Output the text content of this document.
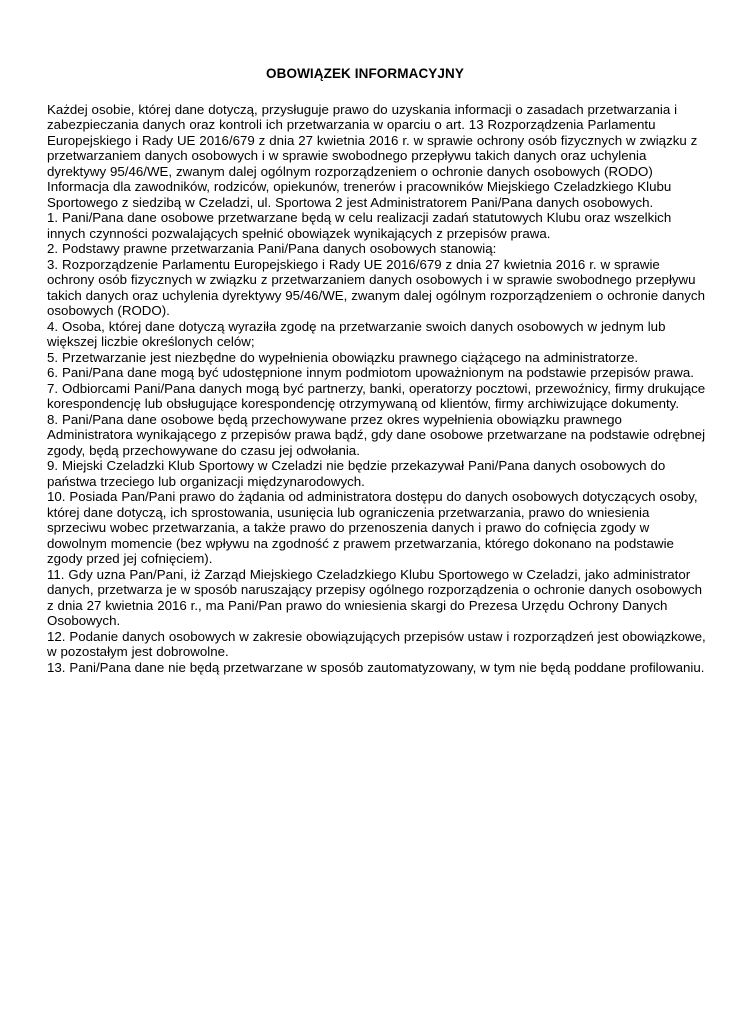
OBOWIĄZEK INFORMACYJNY
Każdej osobie, której dane dotyczą, przysługuje prawo do uzyskania informacji o zasadach przetwarzania i zabezpieczania danych oraz kontroli ich przetwarzania w oparciu o art. 13 Rozporządzenia Parlamentu Europejskiego i Rady UE 2016/679 z dnia 27 kwietnia 2016 r. w sprawie ochrony osób fizycznych w związku z przetwarzaniem danych osobowych i w sprawie swobodnego przepływu takich danych oraz uchylenia dyrektywy 95/46/WE, zwanym dalej ogólnym rozporządzeniem o ochronie danych osobowych (RODO) Informacja dla zawodników, rodziców, opiekunów, trenerów i pracowników Miejskiego Czeladzkiego Klubu Sportowego z siedzibą w Czeladzi, ul. Sportowa 2 jest Administratorem Pani/Pana danych osobowych.
1. Pani/Pana dane osobowe przetwarzane będą w celu realizacji zadań statutowych Klubu oraz wszelkich innych czynności pozwalających spełnić obowiązek wynikających z przepisów prawa.
2. Podstawy prawne przetwarzania Pani/Pana danych osobowych stanowią:
3. Rozporządzenie Parlamentu Europejskiego i Rady UE 2016/679 z dnia 27 kwietnia 2016 r. w sprawie ochrony osób fizycznych w związku z przetwarzaniem danych osobowych i w sprawie swobodnego przepływu takich danych oraz uchylenia dyrektywy 95/46/WE, zwanym dalej ogólnym rozporządzeniem o ochronie danych osobowych (RODO).
4. Osoba, której dane dotyczą wyraziła zgodę na przetwarzanie swoich danych osobowych w jednym lub większej liczbie określonych celów;
5. Przetwarzanie jest niezbędne do wypełnienia obowiązku prawnego ciążącego na administratorze.
6. Pani/Pana dane mogą być udostępnione innym podmiotom upoważnionym na podstawie przepisów prawa.
7. Odbiorcami Pani/Pana danych mogą być partnerzy, banki, operatorzy pocztowi, przewoźnicy, firmy drukujące korespondencję lub obsługujące korespondencję otrzymywaną od klientów, firmy archiwizujące dokumenty.
8. Pani/Pana dane osobowe będą przechowywane przez okres wypełnienia obowiązku prawnego Administratora wynikającego z przepisów prawa bądź, gdy dane osobowe przetwarzane na podstawie odrębnej zgody, będą przechowywane do czasu jej odwołania.
9. Miejski Czeladzki Klub Sportowy w Czeladzi nie będzie przekazywał Pani/Pana danych osobowych do państwa trzeciego lub organizacji międzynarodowych.
10. Posiada Pan/Pani prawo do żądania od administratora dostępu do danych osobowych dotyczących osoby, której dane dotyczą, ich sprostowania, usunięcia lub ograniczenia przetwarzania, prawo do wniesienia sprzeciwu wobec przetwarzania, a także prawo do przenoszenia danych i prawo do cofnięcia zgody w dowolnym momencie (bez wpływu na zgodność z prawem przetwarzania, którego dokonano na podstawie zgody przed jej cofnięciem).
11. Gdy uzna Pan/Pani, iż Zarząd Miejskiego Czeladzkiego Klubu Sportowego w Czeladzi, jako administrator danych, przetwarza je w sposób naruszający przepisy ogólnego rozporządzenia o ochronie danych osobowych z dnia 27 kwietnia 2016 r., ma Pani/Pan prawo do wniesienia skargi do Prezesa Urzędu Ochrony Danych Osobowych.
12. Podanie danych osobowych w zakresie obowiązujących przepisów ustaw i rozporządzeń jest obowiązkowe, w pozostałym jest dobrowolne.
13. Pani/Pana dane nie będą przetwarzane w sposób zautomatyzowany, w tym nie będą poddane profilowaniu.
